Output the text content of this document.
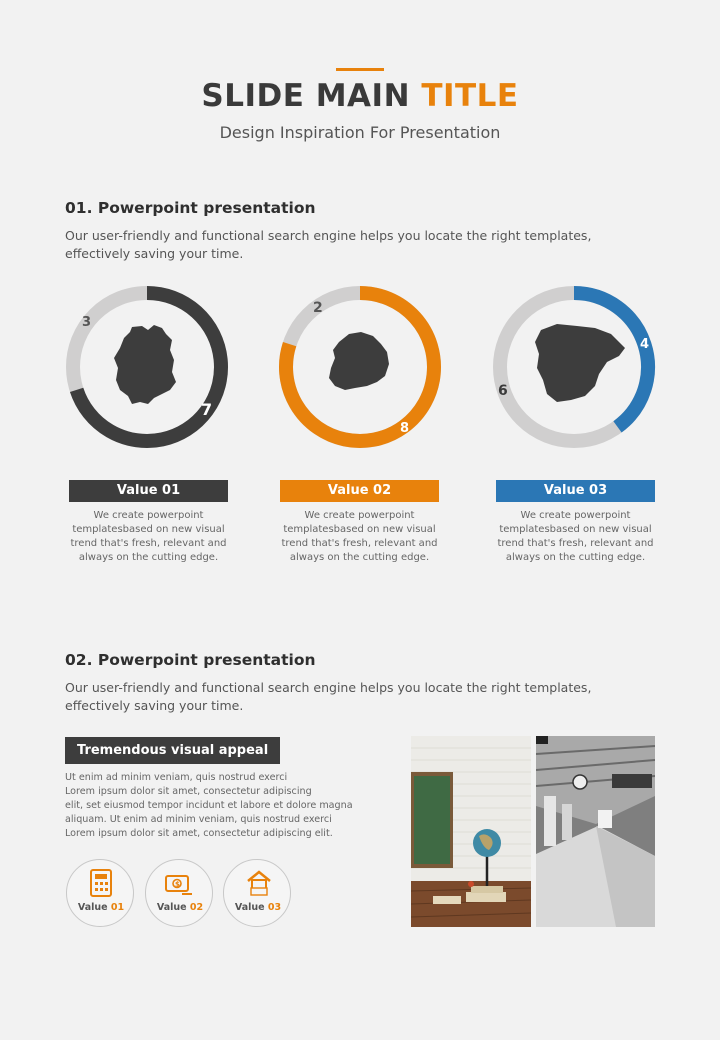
SLIDE MAIN TITLE
Design Inspiration For Presentation
01. Powerpoint presentation
Our user-friendly and functional search engine helps you locate the right templates, effectively saving your time.
3
7
2
8
6
4
Value 01	Value 02	Value 03
We create powerpoint templatesbased on new visual trend that's fresh, relevant and always on the cutting edge.
We create powerpoint templatesbased on new visual trend that's fresh, relevant and always on the cutting edge.
We create powerpoint templatesbased on new visual trend that's fresh, relevant and always on the cutting edge.
02. Powerpoint presentation
Our user-friendly and functional search engine helps you locate the right templates, effectively saving your time.
Tremendous visual appeal
Ut enim ad minim veniam, quis nostrud exerci
Lorem ipsum dolor sit amet, consectetur adipiscing
elit, set eiusmod tempor incidunt et labore et dolore magna aliquam. Ut enim ad minim veniam, quis nostrud exerci
Lorem ipsum dolor sit amet, consectetur adipiscing elit.
Value 01
$
Value 02	Value 03
